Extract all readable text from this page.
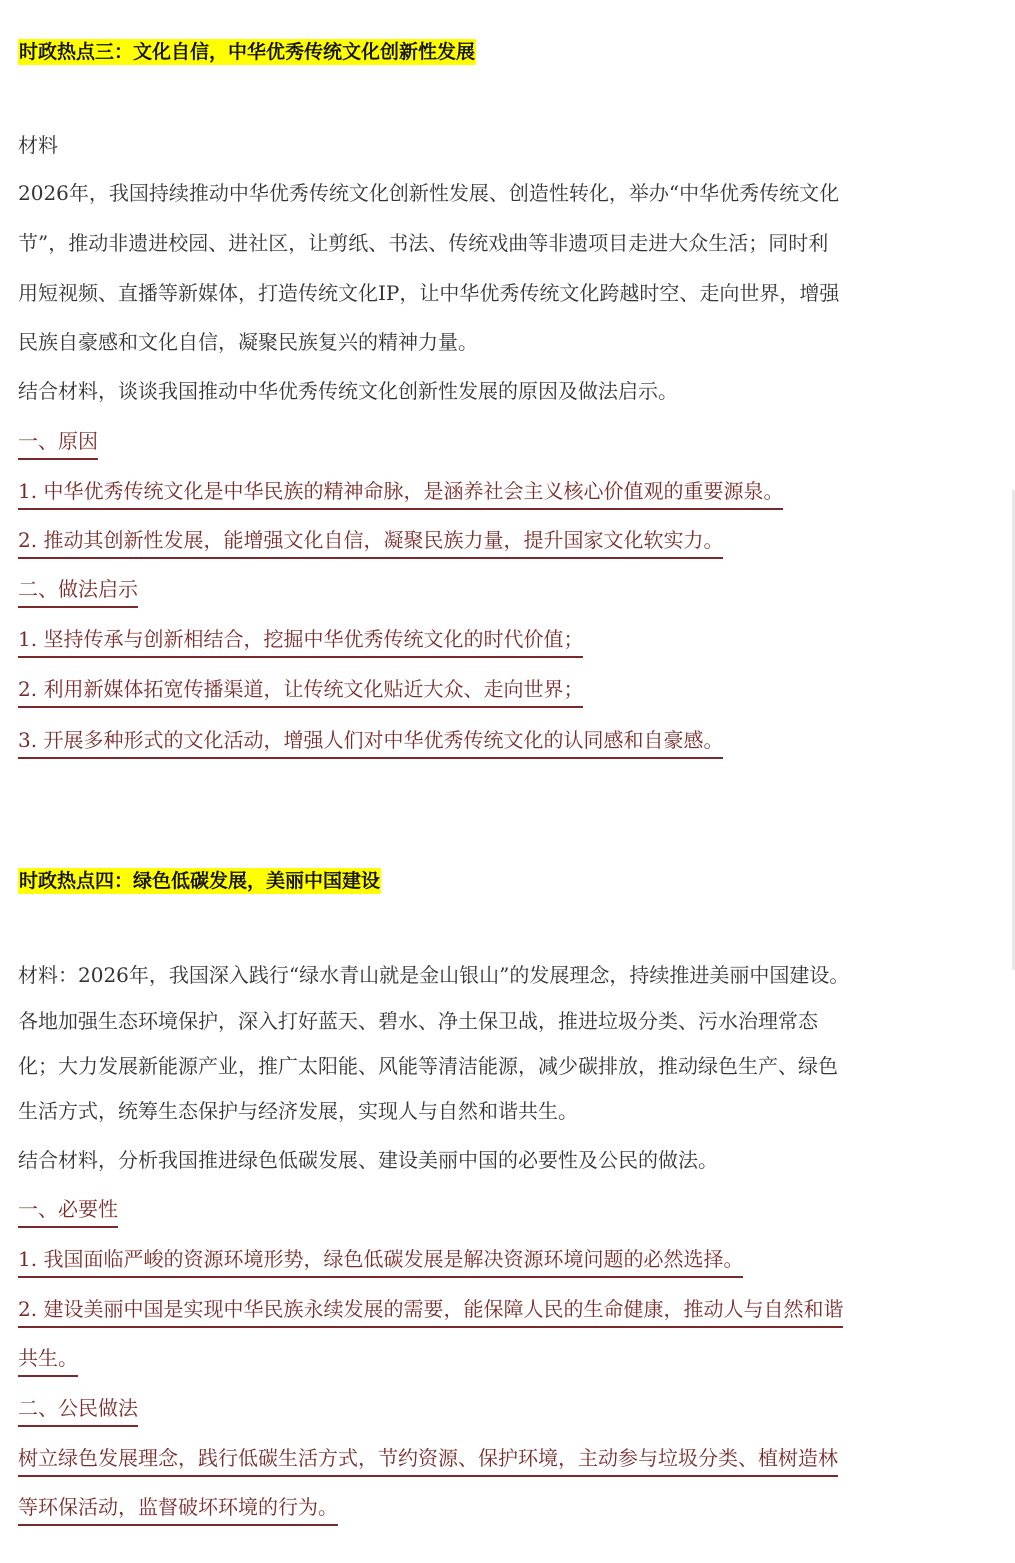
时政热点三：文化自信，中华优秀传统文化创新性发展
材料
2026年，我国持续推动中华优秀传统文化创新性发展、创造性转化，举办“中华优秀传统文化
节”，推动非遗进校园、进社区，让剪纸、书法、传统戏曲等非遗项目走进大众生活；同时利
用短视频、直播等新媒体，打造传统文化IP，让中华优秀传统文化跨越时空、走向世界，增强
民族自豪感和文化自信，凝聚民族复兴的精神力量。
结合材料，谈谈我国推动中华优秀传统文化创新性发展的原因及做法启示。
一、原因
1. 中华优秀传统文化是中华民族的精神命脉，是涵养社会主义核心价值观的重要源泉。
2. 推动其创新性发展，能增强文化自信，凝聚民族力量，提升国家文化软实力。
二、做法启示
1. 坚持传承与创新相结合，挖掘中华优秀传统文化的时代价值；
2. 利用新媒体拓宽传播渠道，让传统文化贴近大众、走向世界；
3. 开展多种形式的文化活动，增强人们对中华优秀传统文化的认同感和自豪感。
时政热点四：绿色低碳发展，美丽中国建设
材料：2026年，我国深入践行“绿水青山就是金山银山”的发展理念，持续推进美丽中国建设。
各地加强生态环境保护，深入打好蓝天、碧水、净土保卫战，推进垃圾分类、污水治理常态
化；大力发展新能源产业，推广太阳能、风能等清洁能源，减少碳排放，推动绿色生产、绿色
生活方式，统筹生态保护与经济发展，实现人与自然和谐共生。
结合材料，分析我国推进绿色低碳发展、建设美丽中国的必要性及公民的做法。
一、必要性
1. 我国面临严峻的资源环境形势，绿色低碳发展是解决资源环境问题的必然选择。
2. 建设美丽中国是实现中华民族永续发展的需要，能保障人民的生命健康，推动人与自然和谐
共生。
二、公民做法
树立绿色发展理念，践行低碳生活方式，节约资源、保护环境，主动参与垃圾分类、植树造林
等环保活动，监督破坏环境的行为。
